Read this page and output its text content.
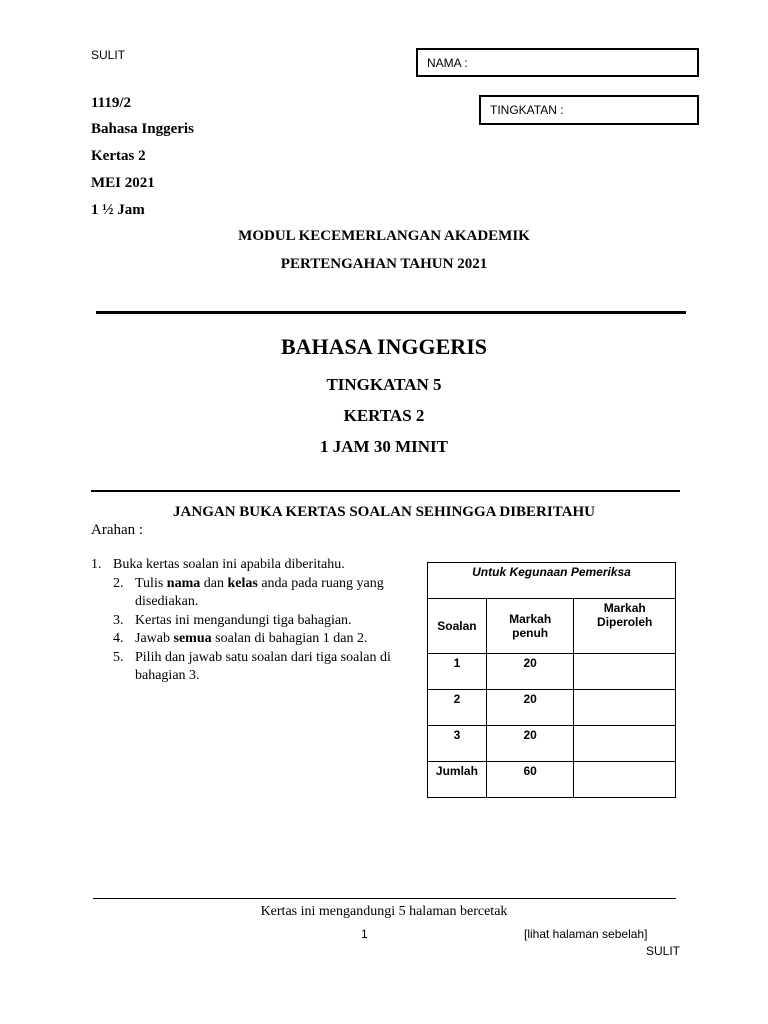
SULIT
NAMA :
TINGKATAN :
1119/2
Bahasa Inggeris
Kertas 2
MEI 2021
1 ½ Jam
MODUL KECEMERLANGAN AKADEMIK
PERTENGAHAN TAHUN 2021
BAHASA INGGERIS
TINGKATAN 5
KERTAS 2
1 JAM 30 MINIT
JANGAN BUKA KERTAS SOALAN SEHINGGA DIBERITAHU
Arahan :
1. Buka kertas soalan ini apabila diberitahu.
2. Tulis nama dan kelas anda pada ruang yang
disediakan.
3. Kertas ini mengandungi tiga bahagian.
4. Jawab semua soalan di bahagian 1 dan 2.
5. Pilih dan jawab satu soalan dari tiga soalan di
bahagian 3.
Untuk Kegunaan Pemeriksa		
Soalan	Markah penuh	Markah Diperoleh
1	20	
2	20	
3	20	
Jumlah	60	
Kertas ini mengandungi 5 halaman bercetak
1	[lihat halaman sebelah]
SULIT
